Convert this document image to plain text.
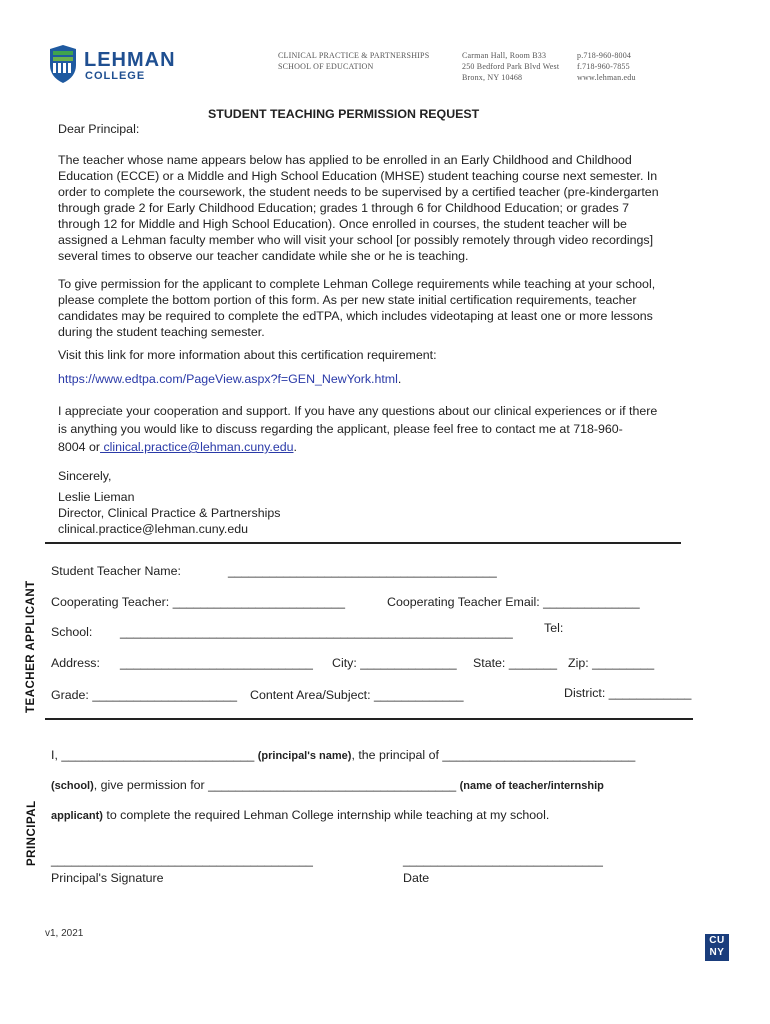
LEHMAN
COLLEGE
CLINICAL PRACTICE & PARTNERSHIPS
SCHOOL OF EDUCATION
Carman Hall, Room B33
250 Bedford Park Blvd West
Bronx, NY 10468
p.718-960-8004
f.718-960-7855
www.lehman.edu
STUDENT TEACHING PERMISSION REQUEST
Dear Principal:
The teacher whose name appears below has applied to be enrolled in an Early Childhood and Childhood
Education (ECCE) or a Middle and High School Education (MHSE) student teaching course next semester. In
order to complete the coursework, the student needs to be supervised by a certified teacher (pre-kindergarten
through grade 2 for Early Childhood Education; grades 1 through 6 for Childhood Education; or grades 7
through 12 for Middle and High School Education). Once enrolled in courses, the student teacher will be
assigned a Lehman faculty member who will visit your school [or possibly remotely through video recordings]
several times to observe our teacher candidate while she or he is teaching.
To give permission for the applicant to complete Lehman College requirements while teaching at your school,
please complete the bottom portion of this form. As per new state initial certification requirements, teacher
candidates may be required to complete the edTPA, which includes videotaping at least one or more lessons
during the student teaching semester.
Visit this link for more information about this certification requirement:
https://www.edtpa.com/PageView.aspx?f=GEN_NewYork.html.
I appreciate your cooperation and support. If you have any questions about our clinical experiences or if there
is anything you would like to discuss regarding the applicant, please feel free to contact me at 718-960-
8004 or clinical.practice@lehman.cuny.edu.
Sincerely,
Leslie Lieman
Director, Clinical Practice & Partnerships
clinical.practice@lehman.cuny.edu
TEACHER APPLICANT
Student Teacher Name:	_______________________________________
Cooperating Teacher: _________________________	Cooperating Teacher Email: ______________
School: _________________________________________________________	Tel:
Address: ____________________________ City: ______________ State: _______ Zip: _________
Grade: _____________________ Content Area/Subject: _____________	District: ____________
PRINCIPAL
I, ____________________________ (principal's name), the principal of ____________________________
(school), give permission for ____________________________________ (name of teacher/internship
applicant) to complete the required Lehman College internship while teaching at my school.
______________________________________
Principal's Signature
_____________________________
Date
v1, 2021
CUNY
